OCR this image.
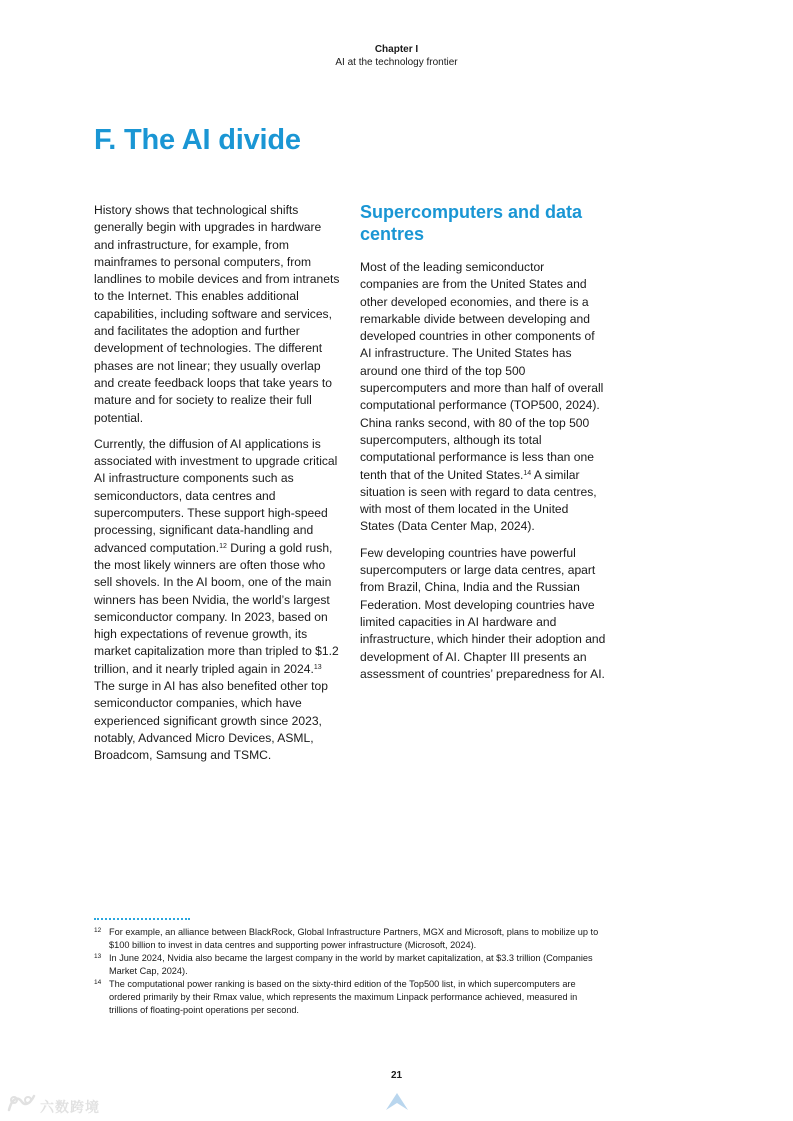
Chapter I
AI at the technology frontier
F. The AI divide

History shows that technological shifts generally begin with upgrades in hardware and infrastructure, for example, from mainframes to personal computers, from landlines to mobile devices and from intranets to the Internet. This enables additional capabilities, including software and services, and facilitates the adoption and further development of technologies. The different phases are not linear; they usually overlap and create feedback loops that take years to mature and for society to realize their full potential.

Currently, the diffusion of AI applications is associated with investment to upgrade critical AI infrastructure components such as semiconductors, data centres and supercomputers. These support high-speed processing, significant data-handling and advanced computation.$^{12}$ During a gold rush, the most likely winners are often those who sell shovels. In the AI boom, one of the main winners has been Nvidia, the world’s largest semiconductor company. In 2023, based on high expectations of revenue growth, its market capitalization more than tripled to $1.2 trillion, and it nearly tripled again in 2024.13 The surge in AI has also benefited other top semiconductor companies, which have experienced significant growth since 2023, notably, Advanced Micro Devices, ASML, Broadcom, Samsung and TSMC.

Supercomputers and data centres

Most of the leading semiconductor companies are from the United States and other developed economies, and there is a remarkable divide between developing and developed countries in other components of AI infrastructure. The United States has around one third of the top 500 supercomputers and more than half of overall computational performance (TOP500, 2024). China ranks second, with 80 of the top 500 supercomputers, although its total computational performance is less than one tenth that of the United States.$^{14}$ A similar situation is seen with regard to data centres, with most of them located in the United States (Data Center Map, 2024).

Few developing countries have powerful supercomputers or large data centres, apart from Brazil, China, India and the Russian Federation. Most developing countries have limited capacities in AI hardware and infrastructure, which hinder their adoption and development of AI. Chapter III presents an assessment of countries’ preparedness for AI.

12 For example, an alliance between BlackRock, Global Infrastructure Partners, MGX and Microsoft, plans to mobilize up to $100 billion to invest in data centres and supporting power infrastructure (Microsoft, 2024).
13 In June 2024, Nvidia also became the largest company in the world by market capitalization, at $3.3 trillion (Companies Market Cap, 2024).
14 The computational power ranking is based on the sixty-third edition of the Top500 list, in which supercomputers are ordered primarily by their Rmax value, which represents the maximum Linpack performance achieved, measured in trillions of floating-point operations per second.
21
六数跨境
